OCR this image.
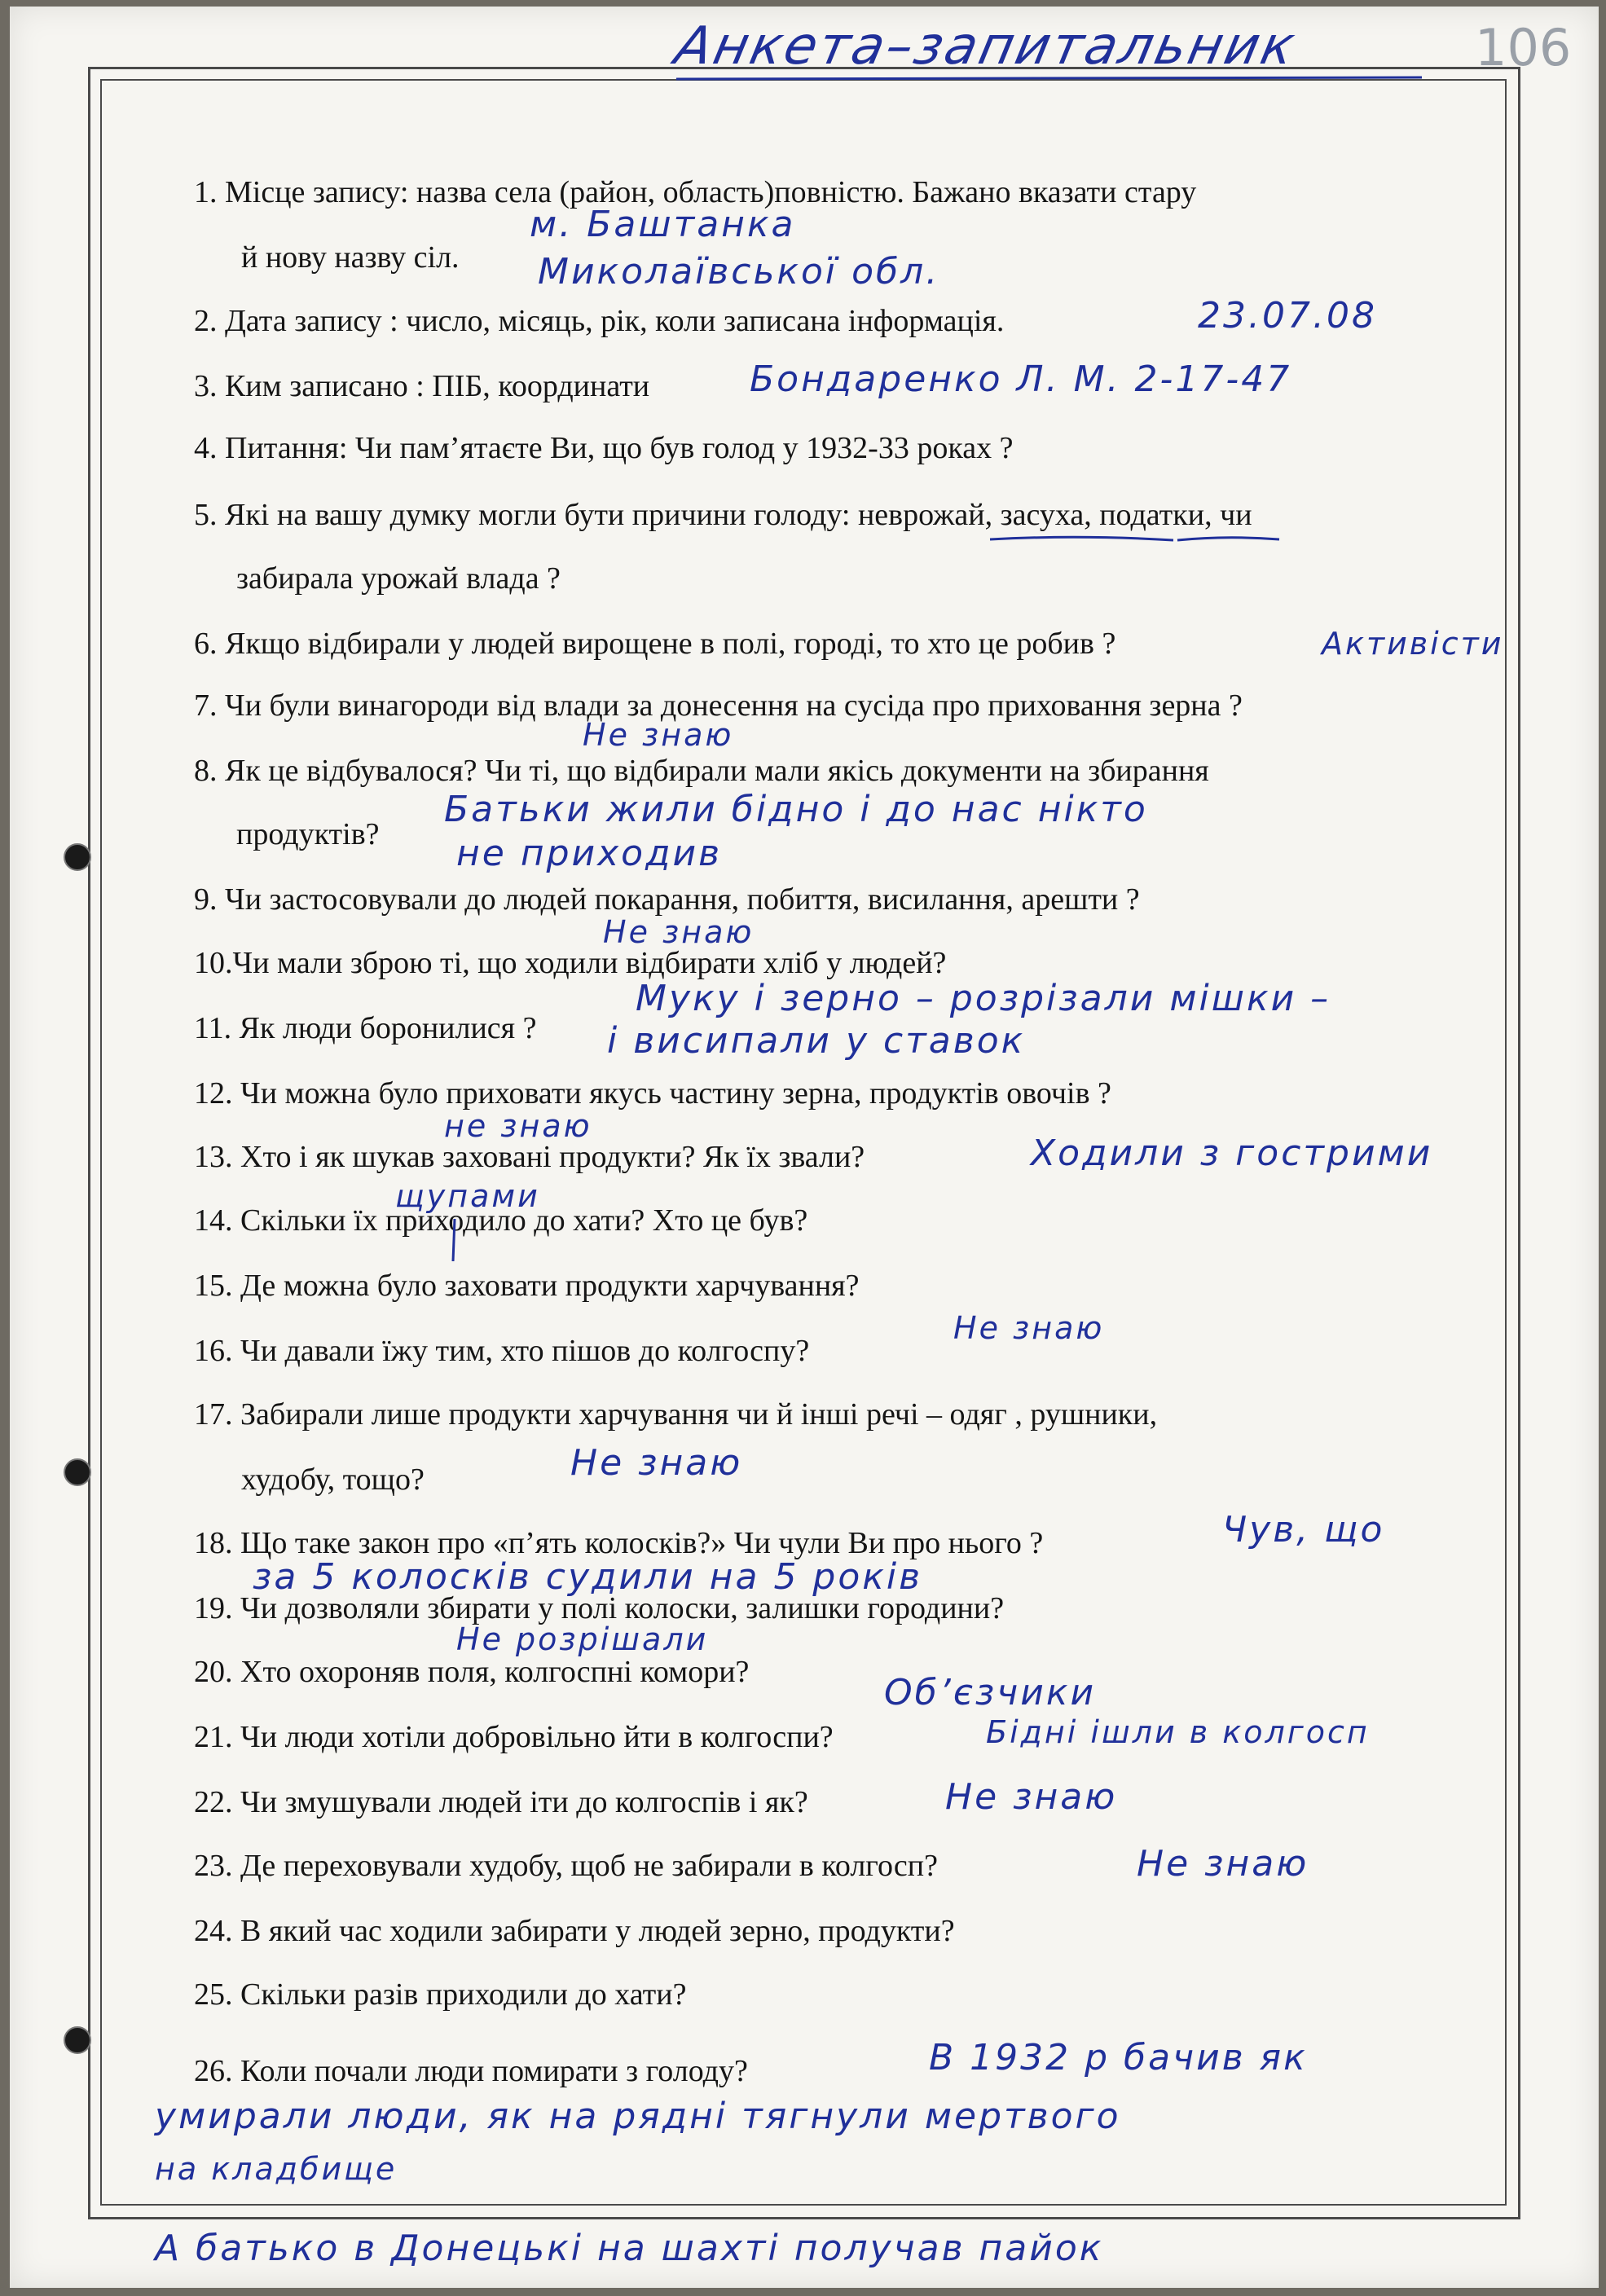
Анкета–запитальник	106
1. Місце запису: назва села (район, область)повністю. Бажано вказати стару
й нову назву сіл.
2. Дата запису : число, місяць, рік, коли записана інформація.
3. Ким записано : ПІБ, координати
4. Питання: Чи пам’ятаєте Ви, що був голод у 1932-33 роках ?
5. Які на вашу думку могли бути причини голоду: неврожай, засуха, податки, чи
забирала урожай влада ?
6. Якщо відбирали у людей вирощене в полі, городі, то хто це робив ?
7. Чи були винагороди від влади за донесення на сусіда про приховання зерна ?
8. Як це відбувалося? Чи ті, що відбирали мали якісь документи на збирання
продуктів?
9. Чи застосовували до людей покарання, побиття, висилання, арешти ?
10.Чи мали зброю ті, що ходили відбирати хліб у людей?
11. Як люди боронилися ?
12. Чи можна було приховати якусь частину зерна, продуктів овочів ?
13. Хто і як шукав заховані продукти? Як їх звали?
14. Скільки їх приходило до хати? Хто це був?
15. Де можна було заховати продукти харчування?
16. Чи давали їжу тим, хто пішов до колгоспу?
17. Забирали лише продукти харчування чи й інші речі – одяг , рушники,
худобу, тощо?
18. Що таке закон про «п’ять колосків?» Чи чули Ви про нього ?
19. Чи дозволяли збирати у полі колоски, залишки городини?
20. Хто охороняв поля, колгоспні комори?
21. Чи люди хотіли добровільно йти в колгоспи?
22. Чи змушували людей іти до колгоспів і як?
23. Де переховували худобу, щоб не забирали в колгосп?
24. В який час ходили забирати у людей зерно, продукти?
25. Скільки разів приходили до хати?
26. Коли почали люди помирати з голоду?
м. Баштанка
Миколаївської обл.
23.07.08
Бондаренко Л. М. 2-17-47
Активісти
Не знаю
Батьки жили бідно і до нас нікто
не приходив
Не знаю
Муку і зерно – розрізали мішки –
і висипали у ставок
не знаю
Ходили з гострими
щупами
Не знаю
Не знаю
Чув, що
за 5 колосків судили на 5 років
Не розрішали
Об’єзчики
Бідні ішли в колгосп
Не знаю
Не знаю
В 1932 р бачив як
умирали люди, як на рядні тягнули мертвого
на кладбище
А батько в Донецькі на шахті получав пайок
